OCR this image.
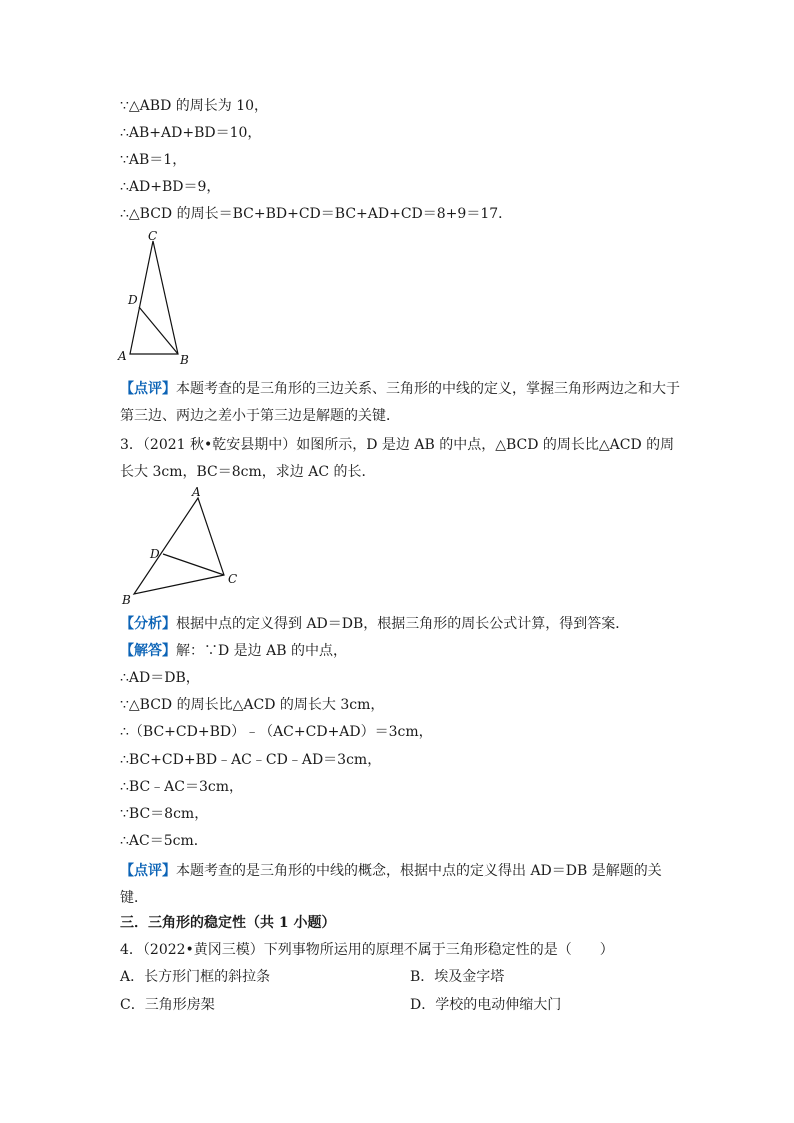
∵△ABD 的周长为 10，
∴AB+AD+BD＝10，
∵AB＝1，
∴AD+BD＝9，
∴△BCD 的周长＝BC+BD+CD＝BC+AD+CD＝8+9＝17．
C
D
A	B
【点评】本题考查的是三角形的三边关系、三角形的中线的定义，掌握三角形两边之和大于第三边、两边之差小于第三边是解题的关键．
3．（2021 秋•乾安县期中）如图所示，D 是边 AB 的中点，△BCD 的周长比△ACD 的周长大 3cm，BC＝8cm，求边 AC 的长．
A
D
C
B
【分析】根据中点的定义得到 AD＝DB，根据三角形的周长公式计算，得到答案．
【解答】解：∵D 是边 AB 的中点，
∴AD＝DB，
∵△BCD 的周长比△ACD 的周长大 3cm，
∴（BC+CD+BD）﹣（AC+CD+AD）＝3cm，
∴BC+CD+BD﹣AC﹣CD﹣AD＝3cm，
∴BC﹣AC＝3cm，
∵BC＝8cm，
∴AC＝5cm．
【点评】本题考查的是三角形的中线的概念，根据中点的定义得出 AD＝DB 是解题的关键．
三．三角形的稳定性（共 1 小题）
4．（2022•黄冈三模）下列事物所运用的原理不属于三角形稳定性的是（　　）
A．长方形门框的斜拉条	B．埃及金字塔
C．三角形房架	D．学校的电动伸缩大门
